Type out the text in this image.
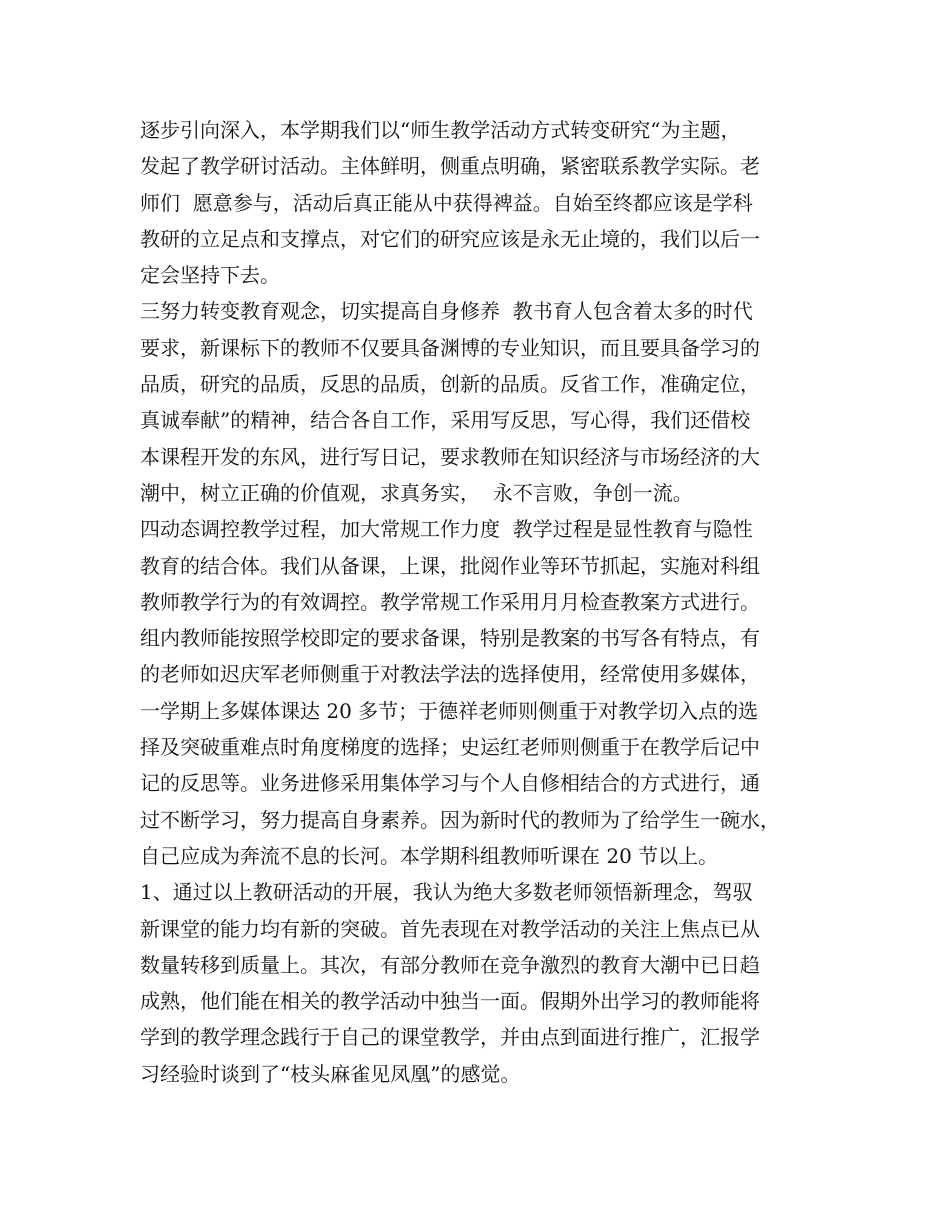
逐步引向深入，本学期我们以“师生教学活动方式转变研究“为主题，
发起了教学研讨活动。主体鲜明，侧重点明确，紧密联系教学实际。老
师们  愿意参与，活动后真正能从中获得裨益。自始至终都应该是学科
教研的立足点和支撑点，对它们的研究应该是永无止境的，我们以后一
定会坚持下去。
三努力转变教育观念，切实提高自身修养  教书育人包含着太多的时代
要求，新课标下的教师不仅要具备渊博的专业知识，而且要具备学习的
品质，研究的品质，反思的品质，创新的品质。反省工作，准确定位，
真诚奉献”的精神，结合各自工作，采用写反思，写心得，我们还借校
本课程开发的东风，进行写日记，要求教师在知识经济与市场经济的大
潮中，树立正确的价值观，求真务实，  永不言败，争创一流。
四动态调控教学过程，加大常规工作力度  教学过程是显性教育与隐性
教育的结合体。我们从备课，上课，批阅作业等环节抓起，实施对科组
教师教学行为的有效调控。教学常规工作采用月月检查教案方式进行。
组内教师能按照学校即定的要求备课，特别是教案的书写各有特点，有
的老师如迟庆军老师侧重于对教法学法的选择使用，经常使用多媒体，
一学期上多媒体课达 20 多节；于德祥老师则侧重于对教学切入点的选
择及突破重难点时角度梯度的选择；史运红老师则侧重于在教学后记中
记的反思等。业务进修采用集体学习与个人自修相结合的方式进行，通
过不断学习，努力提高自身素养。因为新时代的教师为了给学生一碗水，
自己应成为奔流不息的长河。本学期科组教师听课在 20 节以上。
1、通过以上教研活动的开展，我认为绝大多数老师领悟新理念，驾驭
新课堂的能力均有新的突破。首先表现在对教学活动的关注上焦点已从
数量转移到质量上。其次，有部分教师在竞争激烈的教育大潮中已日趋
成熟，他们能在相关的教学活动中独当一面。假期外出学习的教师能将
学到的教学理念践行于自己的课堂教学，并由点到面进行推广，汇报学
习经验时谈到了“枝头麻雀见凤凰”的感觉。
